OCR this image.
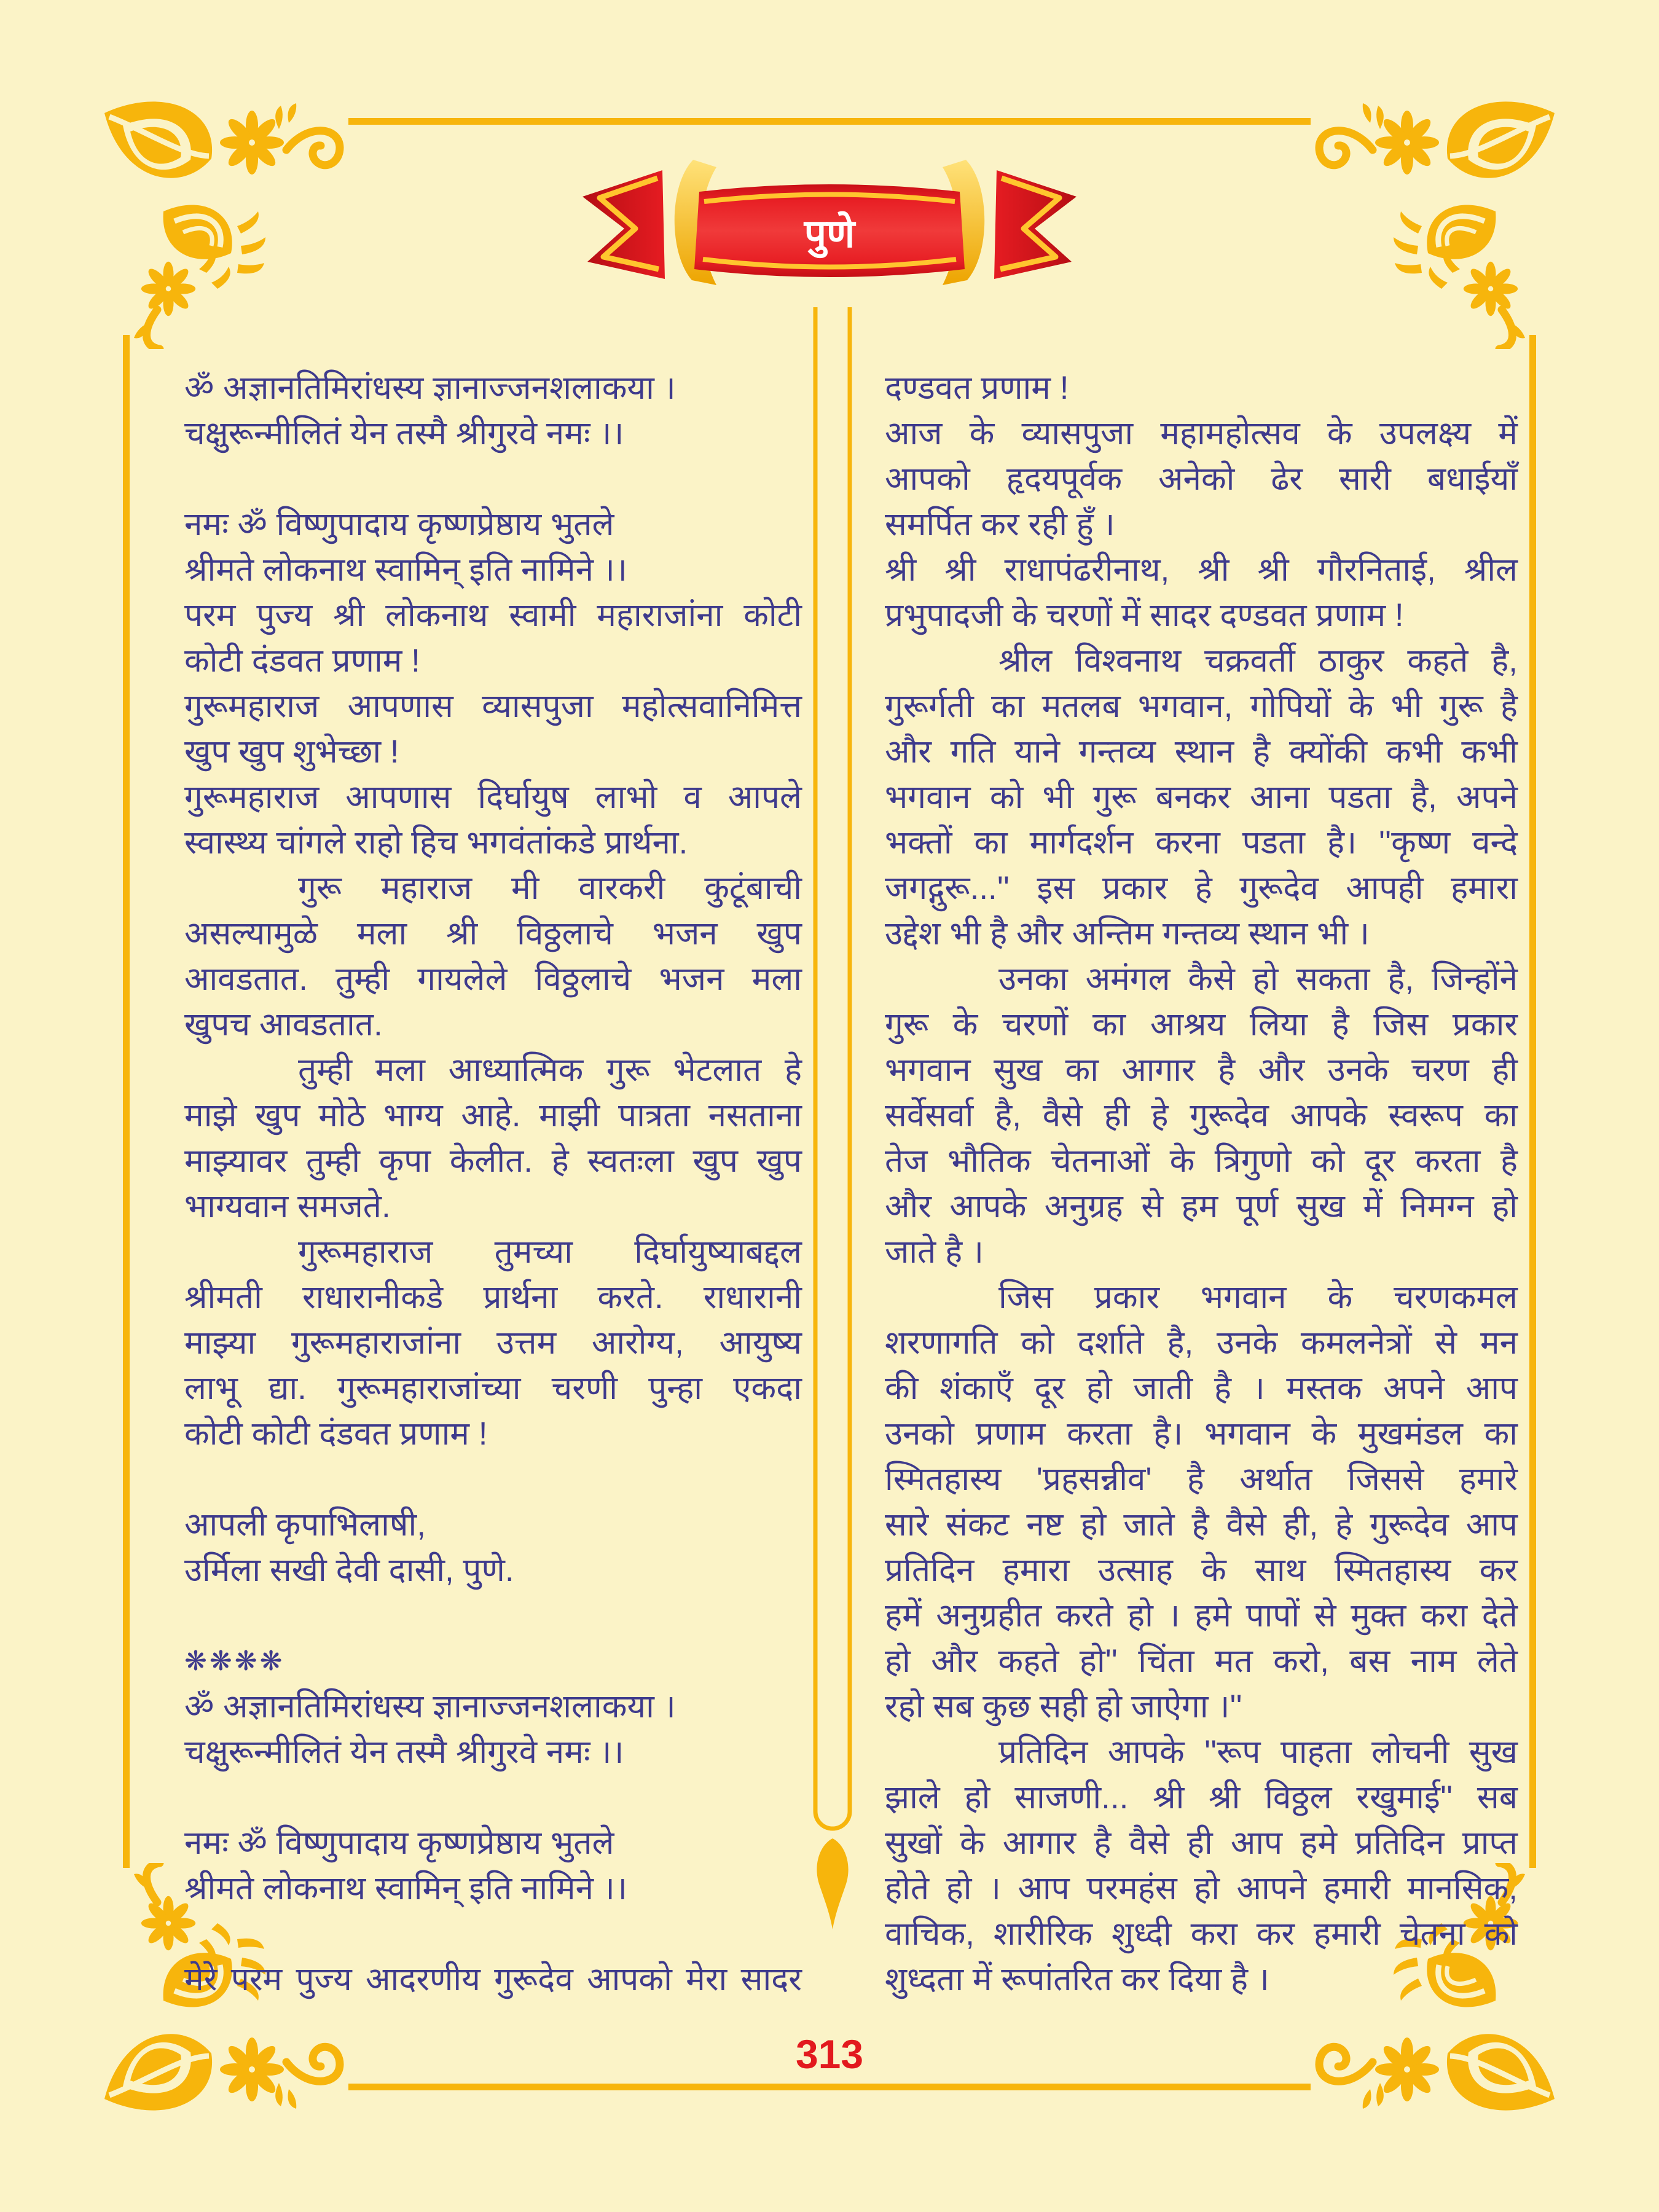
पुणे
ॐ अज्ञानतिमिरांधस्य ज्ञानाज्जनशलाकया ।
चक्षुरून्मीलितं येन तस्मै श्रीगुरवे नमः ।।
नमः ॐ विष्णुपादाय कृष्णप्रेष्ठाय भुतले
श्रीमते लोकनाथ स्वामिन् इति नामिने ।।
परम पुज्य श्री लोकनाथ स्वामी महाराजांना कोटी
कोटी दंडवत प्रणाम !
गुरूमहाराज आपणास व्यासपुजा महोत्सवानिमित्त
खुप खुप शुभेच्छा !
गुरूमहाराज आपणास दिर्घायुष लाभो व आपले
स्वास्थ्य चांगले राहो हिच भगवंतांकडे प्रार्थना.
गुरू महाराज मी वारकरी कुटूंबाची
असल्यामुळे मला श्री विठ्ठलाचे भजन खुप
आवडतात. तुम्ही गायलेले विठ्ठलाचे भजन मला
खुपच आवडतात.
तुम्ही मला आध्यात्मिक गुरू भेटलात हे
माझे खुप मोठे भाग्य आहे. माझी पात्रता नसताना
माझ्यावर तुम्ही कृपा केलीत. हे स्वतःला खुप खुप
भाग्यवान समजते.
गुरूमहाराज तुमच्या दिर्घायुष्याबद्दल
श्रीमती राधारानीकडे प्रार्थना करते. राधारानी
माझ्या गुरूमहाराजांना उत्तम आरोग्य, आयुष्य
लाभू द्या. गुरूमहाराजांच्या चरणी पुन्हा एकदा
कोटी कोटी दंडवत प्रणाम !
आपली कृपाभिलाषी,
उर्मिला सखी देवी दासी, पुणे.
❋❋❋❋
ॐ अज्ञानतिमिरांधस्य ज्ञानाज्जनशलाकया ।
चक्षुरून्मीलितं येन तस्मै श्रीगुरवे नमः ।।
नमः ॐ विष्णुपादाय कृष्णप्रेष्ठाय भुतले
श्रीमते लोकनाथ स्वामिन् इति नामिने ।।
मेरे परम पुज्य आदरणीय गुरूदेव आपको मेरा सादर
दण्डवत प्रणाम !
आज के व्यासपुजा महामहोत्सव के उपलक्ष्य में
आपको हृदयपूर्वक अनेको ढेर सारी बधाईयाँ
समर्पित कर रही हुँ ।
श्री श्री राधापंढरीनाथ, श्री श्री गौरनिताई, श्रील
प्रभुपादजी के चरणों में सादर दण्डवत प्रणाम !
श्रील विश्वनाथ चक्रवर्ती ठाकुर कहते है,
गुरूर्गती का मतलब भगवान, गोपियों के भी गुरू है
और गति याने गन्तव्य स्थान है क्योंकी कभी कभी
भगवान को भी गुरू बनकर आना पडता है, अपने
भक्तों का मार्गदर्शन करना पडता है। ''कृष्ण वन्दे
जगद्गुरू...'' इस प्रकार हे गुरूदेव आपही हमारा
उद्देश भी है और अन्तिम गन्तव्य स्थान भी ।
उनका अमंगल कैसे हो सकता है, जिन्होंने
गुरू के चरणों का आश्रय लिया है जिस प्रकार
भगवान सुख का आगार है और उनके चरण ही
सर्वेसर्वा है, वैसे ही हे गुरूदेव आपके स्वरूप का
तेज भौतिक चेतनाओं के त्रिगुणो को दूर करता है
और आपके अनुग्रह से हम पूर्ण सुख में निमग्न हो
जाते है ।
जिस प्रकार भगवान के चरणकमल
शरणागति को दर्शाते है, उनके कमलनेत्रों से मन
की शंकाएँ दूर हो जाती है । मस्तक अपने आप
उनको प्रणाम करता है। भगवान के मुखमंडल का
स्मितहास्य 'प्रहसन्नीव' है अर्थात जिससे हमारे
सारे संकट नष्ट हो जाते है वैसे ही, हे गुरूदेव आप
प्रतिदिन हमारा उत्साह के साथ स्मितहास्य कर
हमें अनुग्रहीत करते हो । हमे पापों से मुक्त करा देते
हो और कहते हो'' चिंता मत करो, बस नाम लेते
रहो सब कुछ सही हो जाऐगा ।''
प्रतिदिन आपके ''रूप पाहता लोचनी सुख
झाले हो साजणी... श्री श्री विठ्ठल रखुमाई'' सब
सुखों के आगार है वैसे ही आप हमे प्रतिदिन प्राप्त
होते हो । आप परमहंस हो आपने हमारी मानसिक,
वाचिक, शारीरिक शुध्दी करा कर हमारी चेतना को
शुध्दता में रूपांतरित कर दिया है ।
313
